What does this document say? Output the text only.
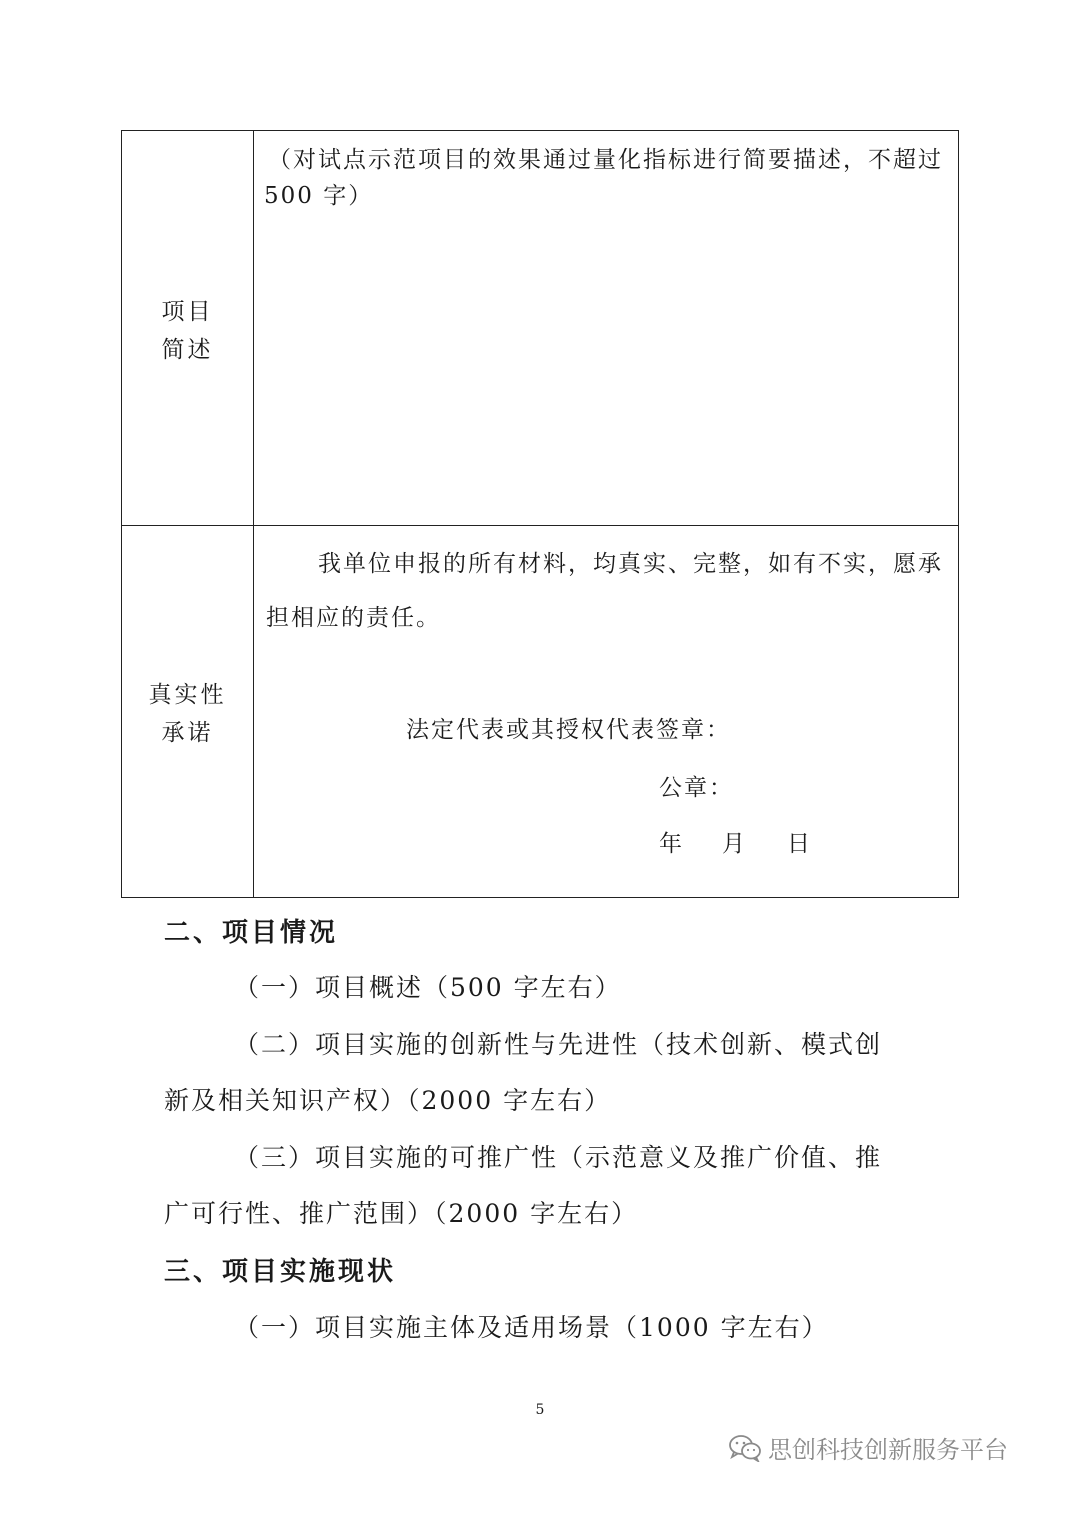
项目
简述
（对试点示范项目的效果通过量化指标进行简要描述，不超过
500 字）
真实性
承诺
我单位申报的所有材料，均真实、完整，如有不实，愿承
担相应的责任。
法定代表或其授权代表签章：
公章：
年 月 日
二、项目情况
（一）项目概述（500 字左右）
（二）项目实施的创新性与先进性（技术创新、模式创
新及相关知识产权）（2000 字左右）
（三）项目实施的可推广性（示范意义及推广价值、推
广可行性、推广范围）（2000 字左右）
三、项目实施现状
（一）项目实施主体及适用场景（1000 字左右）
5
思创科技创新服务平台
